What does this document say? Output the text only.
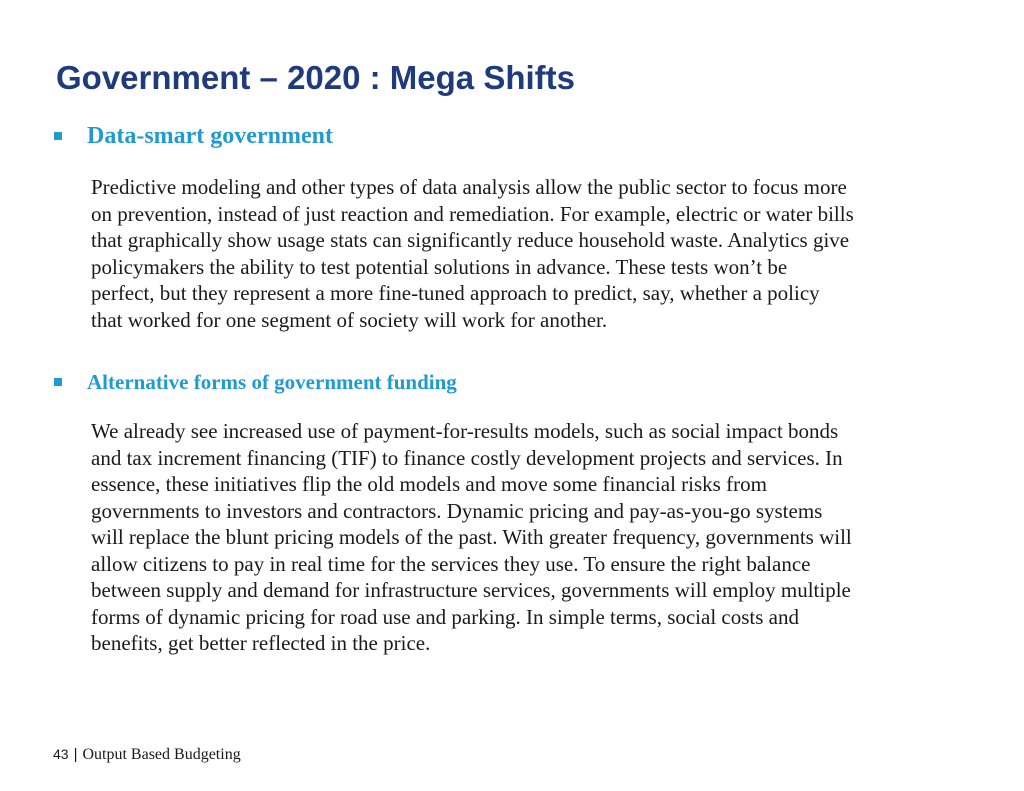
Government – 2020 : Mega Shifts
Data-smart government
Predictive modeling and other types of data analysis allow the public sector to focus more
on prevention, instead of just reaction and remediation. For example, electric or water bills
that graphically show usage stats can significantly reduce household waste. Analytics give
policymakers the ability to test potential solutions in advance. These tests won’t be
perfect, but they represent a more fine-tuned approach to predict, say, whether a policy
that worked for one segment of society will work for another.
Alternative forms of government funding
We already see increased use of payment-for-results models, such as social impact bonds
and tax increment financing (TIF) to finance costly development projects and services. In
essence, these initiatives flip the old models and move some financial risks from
governments to investors and contractors. Dynamic pricing and pay-as-you-go systems
will replace the blunt pricing models of the past. With greater frequency, governments will
allow citizens to pay in real time for the services they use. To ensure the right balance
between supply and demand for infrastructure services, governments will employ multiple
forms of dynamic pricing for road use and parking. In simple terms, social costs and
benefits, get better reflected in the price.
43 | Output Based Budgeting
